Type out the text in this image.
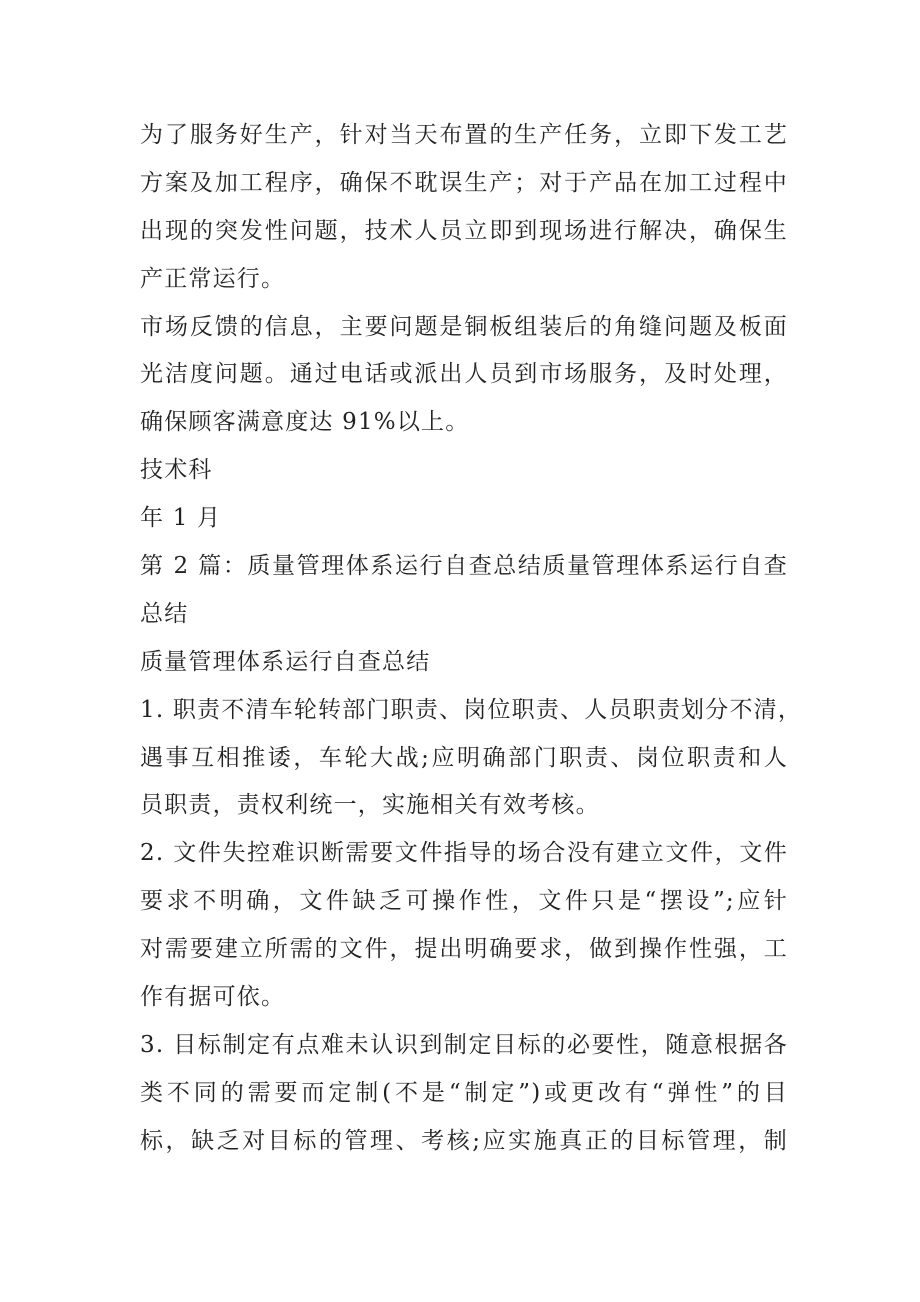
为了服务好生产，针对当天布置的生产任务，立即下发工艺
方案及加工程序，确保不耽误生产；对于产品在加工过程中
出现的突发性问题，技术人员立即到现场进行解决，确保生
产正常运行。
市场反馈的信息，主要问题是铜板组装后的角缝问题及板面
光洁度问题。通过电话或派出人员到市场服务，及时处理，
确保顾客满意度达 91%以上。
技术科
年 1 月
第 2 篇：质量管理体系运行自查总结质量管理体系运行自查
总结
质量管理体系运行自查总结
1. 职责不清车轮转部门职责、岗位职责、人员职责划分不清，
遇事互相推诿，车轮大战;应明确部门职责、岗位职责和人
员职责，责权利统一，实施相关有效考核。
2. 文件失控难识断需要文件指导的场合没有建立文件，文件
要求不明确，文件缺乏可操作性，文件只是“摆设”;应针
对需要建立所需的文件，提出明确要求，做到操作性强，工
作有据可依。
3. 目标制定有点难未认识到制定目标的必要性，随意根据各
类不同的需要而定制(不是“制定”)或更改有“弹性”的目
标，缺乏对目标的管理、考核;应实施真正的目标管理，制
